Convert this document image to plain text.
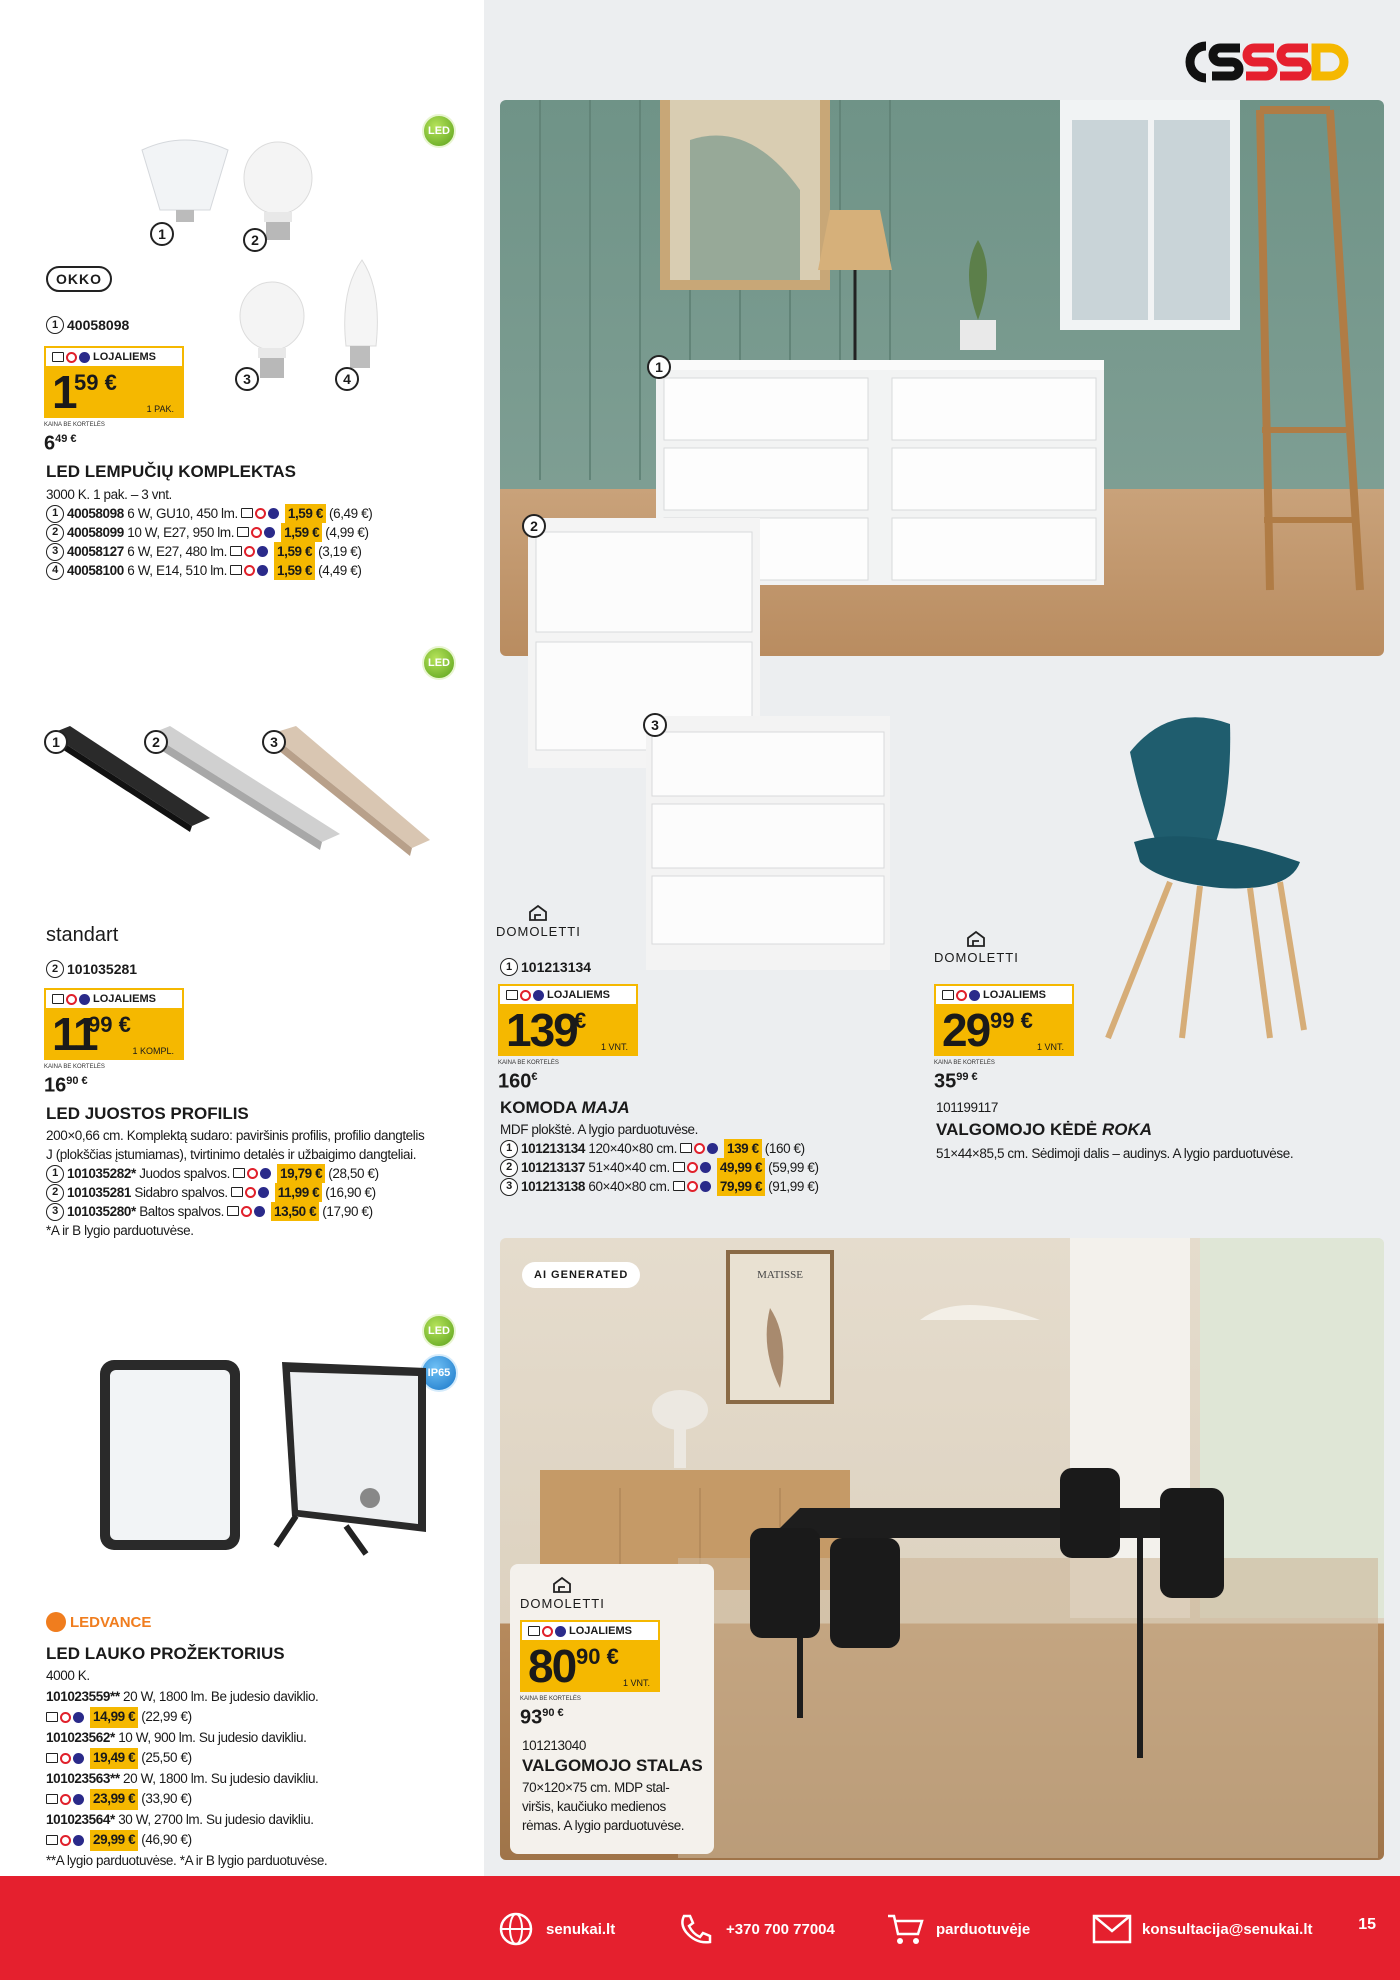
LED
1	2
3	4
OKKO
1 40058098
LOJALIEMS
1
59 €
1 PAK.
KAINA BE KORTELĖS
$6^{49 €}$
LED LEMPUČIŲ KOMPLEKTAS
3000 K. 1 pak. – 3 vnt.
1 40058098
6 W, GU10, 450 lm.	1,59 € (6,49 €)
2 40058099
10 W, E27, 950 lm.	1,59 € (4,99 €)
3 40058127
6 W, E27, 480 lm.	1,59 € (3,19 €)
4 40058100
6 W, E14, 510 lm.	1,59 € (4,49 €)
LED
1	2	3
standart
2 101035281
LOJALIEMS
11
99 €
1 KOMPL.
KAINA BE KORTELĖS
$16^{90 €}$
LED JUOSTOS PROFILIS
200×0,66 cm. Komplektą sudaro: paviršinis profilis, profilio dangtelis
J (plokščias įstumiamas), tvirtinimo detalės ir užbaigimo dangteliai.
1 101035282*
Juodos spalvos.	19,79 € (28,50 €)
2 101035281
Sidabro spalvos.	11,99 € (16,90 €)
3 101035280*
Baltos spalvos.	13,50 € (17,90 €)
*A ir B lygio parduotuvėse.
LED
IP65
LEDVANCE
LED LAUKO PROŽEKTORIUS
4000 K.
101023559**
20 W, 1800 lm. Be judesio daviklio.
14,99 € (22,99 €)
101023562*
10 W, 900 lm. Su judesio davikliu.
19,49 € (25,50 €)
101023563**
20 W, 1800 lm. Su judesio davikliu.
23,99 € (33,90 €)
101023564*
30 W, 2700 lm. Su judesio davikliu.
29,99 € (46,90 €)
**A lygio parduotuvėse. *A ir B lygio parduotuvėse.
1
2
3
DOMOLETTI
1 101213134
LOJALIEMS
139
€
1 VNT.
KAINA BE KORTELĖS
160€
KOMODA MAJA
MDF plokštė. A lygio parduotuvėse.
1 101213134
120×40×80 cm.	139 € (160 €)
2 101213137
51×40×40 cm.	49,99 € (59,99 €)
3 101213138
60×40×80 cm.	79,99 € (91,99 €)
DOMOLETTI
LOJALIEMS
29 99 €
1 VNT.
KAINA BE KORTELĖS
$35^{99 €}$
101199117
VALGOMOJO KĖDĖ ROKA
51×44×85,5 cm. Sėdimoji dalis – audinys. A lygio parduotuvėse.
MATISSE
AI GENERATED
DOMOLETTI
LOJALIEMS
80 90 €
1 VNT.
KAINA BE KORTELĖS
$93^{90 €}$
101213040
VALGOMOJO STALAS
70×120×75 cm. MDP stal-
viršis, kaučiuko medienos
rėmas. A lygio parduotuvėse.
senukai.lt	+370 700 77004	parduotuvėje	konsultacija@senukai.lt	15
